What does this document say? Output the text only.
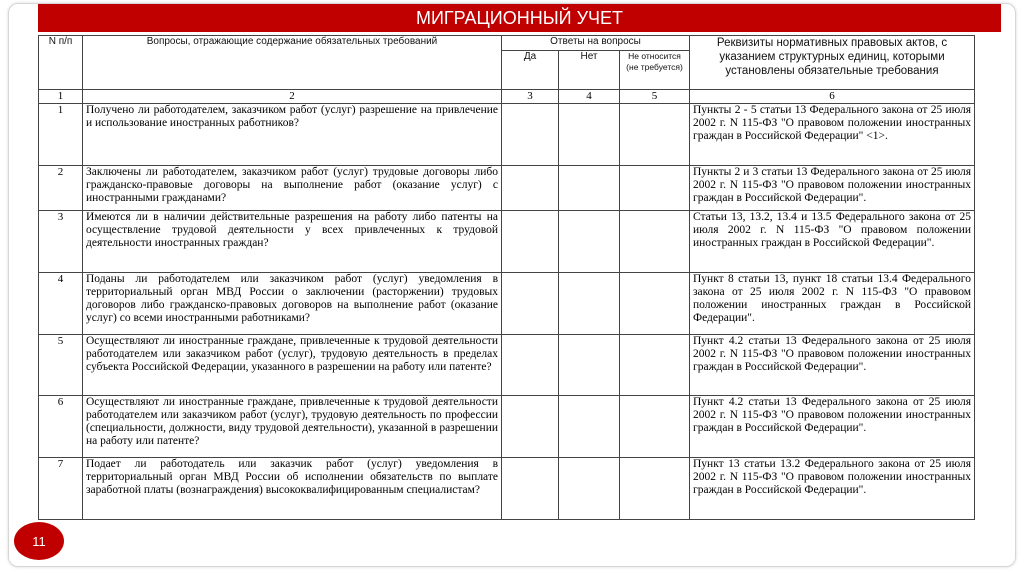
МИГРАЦИОННЫЙ УЧЕТ
N п/п	Вопросы, отражающие содержание обязательных требований	Ответы на вопросы			Реквизиты нормативных правовых актов, с указанием структурных единиц, которыми установлены обязательные требования
		Да	Нет	Не относится (не требуется)	
1	2	3	4	5	6
1	Получено ли работодателем, заказчиком работ (услуг) разрешение на привлечение и использование иностранных работников?				Пункты 2 - 5 статьи 13 Федерального закона от 25 июля 2002 г. N 115-ФЗ "О правовом положении иностранных граждан в Российской Федерации" <1>.
2	Заключены ли работодателем, заказчиком работ (услуг) трудовые договоры либо гражданско-правовые договоры на выполнение работ (оказание услуг) с иностранными гражданами?				Пункты 2 и 3 статьи 13 Федерального закона от 25 июля 2002 г. N 115-ФЗ "О правовом положении иностранных граждан в Российской Федерации".
3	Имеются ли в наличии действительные разрешения на работу либо патенты на осуществление трудовой деятельности у всех привлеченных к трудовой деятельности иностранных граждан?				Статьи 13, 13.2, 13.4 и 13.5 Федерального закона от 25 июля 2002 г. N 115-ФЗ "О правовом положении иностранных граждан в Российской Федерации".
4	Поданы ли работодателем или заказчиком работ (услуг) уведомления в территориальный орган МВД России о заключении (расторжении) трудовых договоров либо гражданско-правовых договоров на выполнение работ (оказание услуг) со всеми иностранными работниками?				Пункт 8 статьи 13, пункт 18 статьи 13.4 Федерального закона от 25 июля 2002 г. N 115-ФЗ "О правовом положении иностранных граждан в Российской Федерации".
5	Осуществляют ли иностранные граждане, привлеченные к трудовой деятельности работодателем или заказчиком работ (услуг), трудовую деятельность в пределах субъекта Российской Федерации, указанного в разрешении на работу или патенте?				Пункт 4.2 статьи 13 Федерального закона от 25 июля 2002 г. N 115-ФЗ "О правовом положении иностранных граждан в Российской Федерации".
6	Осуществляют ли иностранные граждане, привлеченные к трудовой деятельности работодателем или заказчиком работ (услуг), трудовую деятельность по профессии (специальности, должности, виду трудовой деятельности), указанной в разрешении на работу или патенте?				Пункт 4.2 статьи 13 Федерального закона от 25 июля 2002 г. N 115-ФЗ "О правовом положении иностранных граждан в Российской Федерации".
7	Подает ли работодатель или заказчик работ (услуг) уведомления в территориальный орган МВД России об исполнении обязательств по выплате заработной платы (вознаграждения) высококвалифицированным специалистам?				Пункт 13 статьи 13.2 Федерального закона от 25 июля 2002 г. N 115-ФЗ "О правовом положении иностранных граждан в Российской Федерации".
11
